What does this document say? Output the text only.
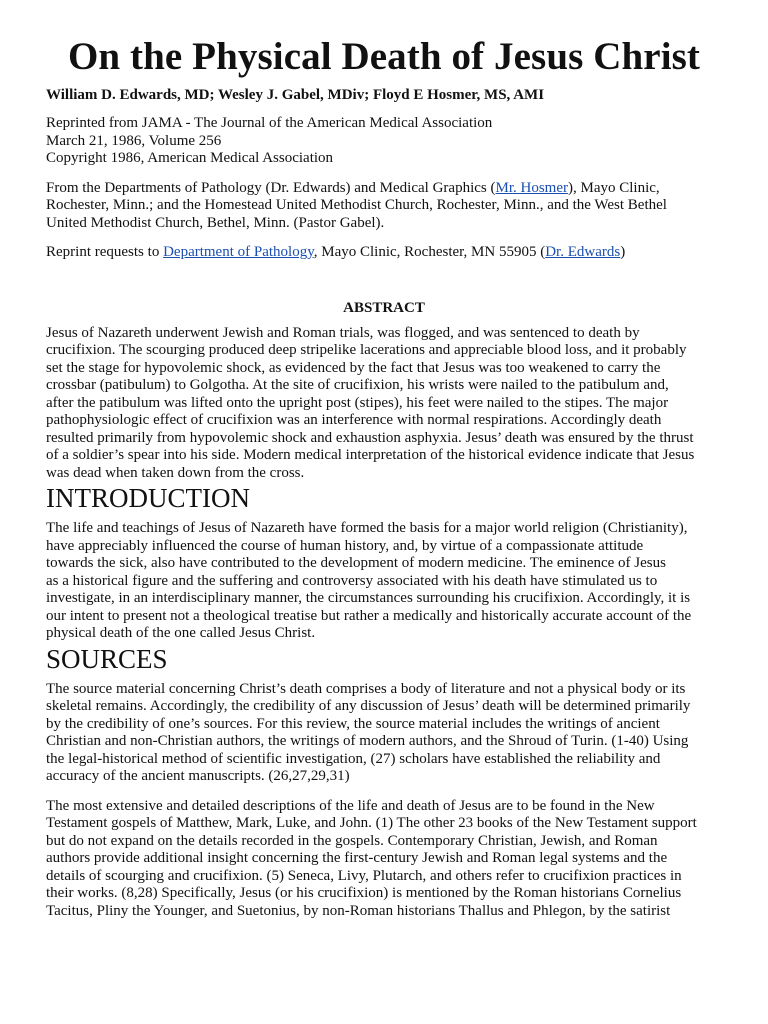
On the Physical Death of Jesus Christ
William D. Edwards, MD; Wesley J. Gabel, MDiv; Floyd E Hosmer, MS, AMI

Reprinted from JAMA - The Journal of the American Medical Association
March 21, 1986, Volume 256
Copyright 1986, American Medical Association

From the Departments of Pathology (Dr. Edwards) and Medical Graphics (Mr. Hosmer), Mayo Clinic,
Rochester, Minn.; and the Homestead United Methodist Church, Rochester, Minn., and the West Bethel
United Methodist Church, Bethel, Minn. (Pastor Gabel).

Reprint requests to Department of Pathology, Mayo Clinic, Rochester, MN 55905 (Dr. Edwards)

ABSTRACT

Jesus of Nazareth underwent Jewish and Roman trials, was flogged, and was sentenced to death by
crucifixion. The scourging produced deep stripelike lacerations and appreciable blood loss, and it probably
set the stage for hypovolemic shock, as evidenced by the fact that Jesus was too weakened to carry the
crossbar (patibulum) to Golgotha. At the site of crucifixion, his wrists were nailed to the patibulum and,
after the patibulum was lifted onto the upright post (stipes), his feet were nailed to the stipes. The major
pathophysiologic effect of crucifixion was an interference with normal respirations. Accordingly death
resulted primarily from hypovolemic shock and exhaustion asphyxia. Jesus’ death was ensured by the thrust
of a soldier’s spear into his side. Modern medical interpretation of the historical evidence indicate that Jesus
was dead when taken down from the cross.

INTRODUCTION

The life and teachings of Jesus of Nazareth have formed the basis for a major world religion (Christianity),
have appreciably influenced the course of human history, and, by virtue of a compassionate attitude
towards the sick, also have contributed to the development of modern medicine. The eminence of Jesus
as a historical figure and the suffering and controversy associated with his death have stimulated us to
investigate, in an interdisciplinary manner, the circumstances surrounding his crucifixion. Accordingly, it is
our intent to present not a theological treatise but rather a medically and historically accurate account of the
physical death of the one called Jesus Christ.

SOURCES

The source material concerning Christ’s death comprises a body of literature and not a physical body or its
skeletal remains. Accordingly, the credibility of any discussion of Jesus’ death will be determined primarily
by the credibility of one’s sources. For this review, the source material includes the writings of ancient
Christian and non-Christian authors, the writings of modern authors, and the Shroud of Turin. (1-40) Using
the legal-historical method of scientific investigation, (27) scholars have established the reliability and
accuracy of the ancient manuscripts. (26,27,29,31)

The most extensive and detailed descriptions of the life and death of Jesus are to be found in the New
Testament gospels of Matthew, Mark, Luke, and John. (1) The other 23 books of the New Testament support
but do not expand on the details recorded in the gospels. Contemporary Christian, Jewish, and Roman
authors provide additional insight concerning the first-century Jewish and Roman legal systems and the
details of scourging and crucifixion. (5) Seneca, Livy, Plutarch, and others refer to crucifixion practices in
their works. (8,28) Specifically, Jesus (or his crucifixion) is mentioned by the Roman historians Cornelius
Tacitus, Pliny the Younger, and Suetonius, by non-Roman historians Thallus and Phlegon, by the satirist
